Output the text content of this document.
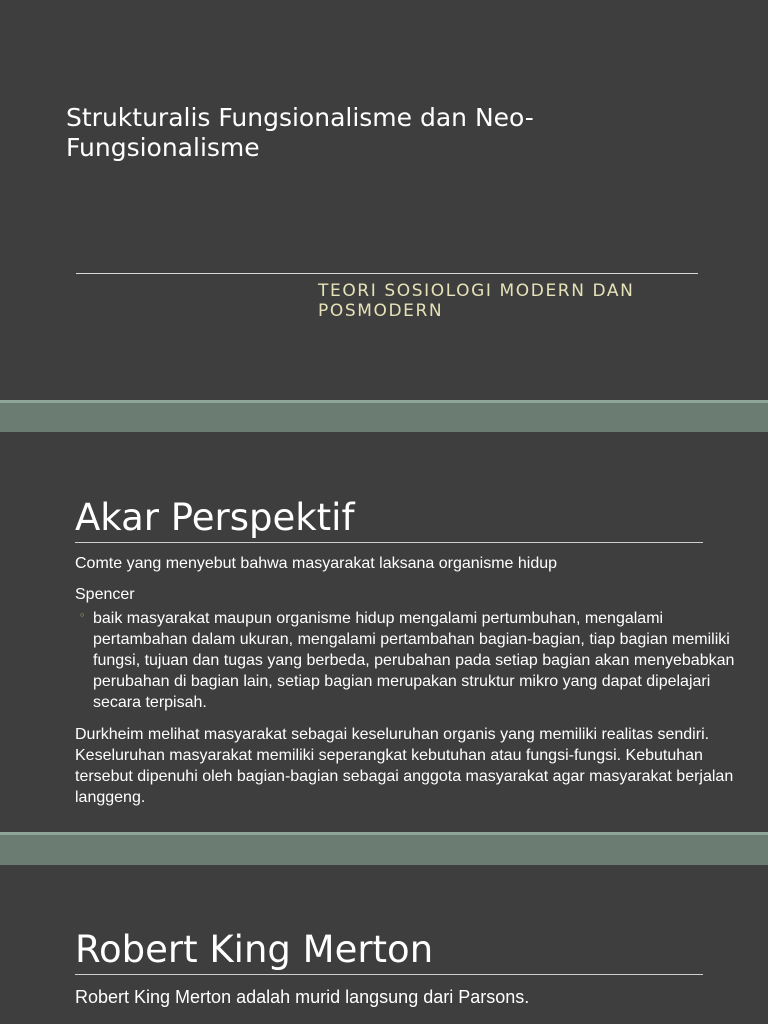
Strukturalis Fungsionalisme dan Neo-Fungsionalisme
TEORI SOSIOLOGI MODERN DAN POSMODERN
Akar Perspektif
Comte yang menyebut bahwa masyarakat laksana organisme hidup
Spencer
◦ baik masyarakat maupun organisme hidup mengalami pertumbuhan, mengalami pertambahan dalam ukuran, mengalami pertambahan bagian-bagian, tiap bagian memiliki fungsi, tujuan dan tugas yang berbeda, perubahan pada setiap bagian akan menyebabkan perubahan di bagian lain, setiap bagian merupakan struktur mikro yang dapat dipelajari secara terpisah.
Durkheim melihat masyarakat sebagai keseluruhan organis yang memiliki realitas sendiri. Keseluruhan masyarakat memiliki seperangkat kebutuhan atau fungsi-fungsi. Kebutuhan tersebut dipenuhi oleh bagian-bagian sebagai anggota masyarakat agar masyarakat berjalan langgeng.
Robert King Merton
Robert King Merton adalah murid langsung dari Parsons.
